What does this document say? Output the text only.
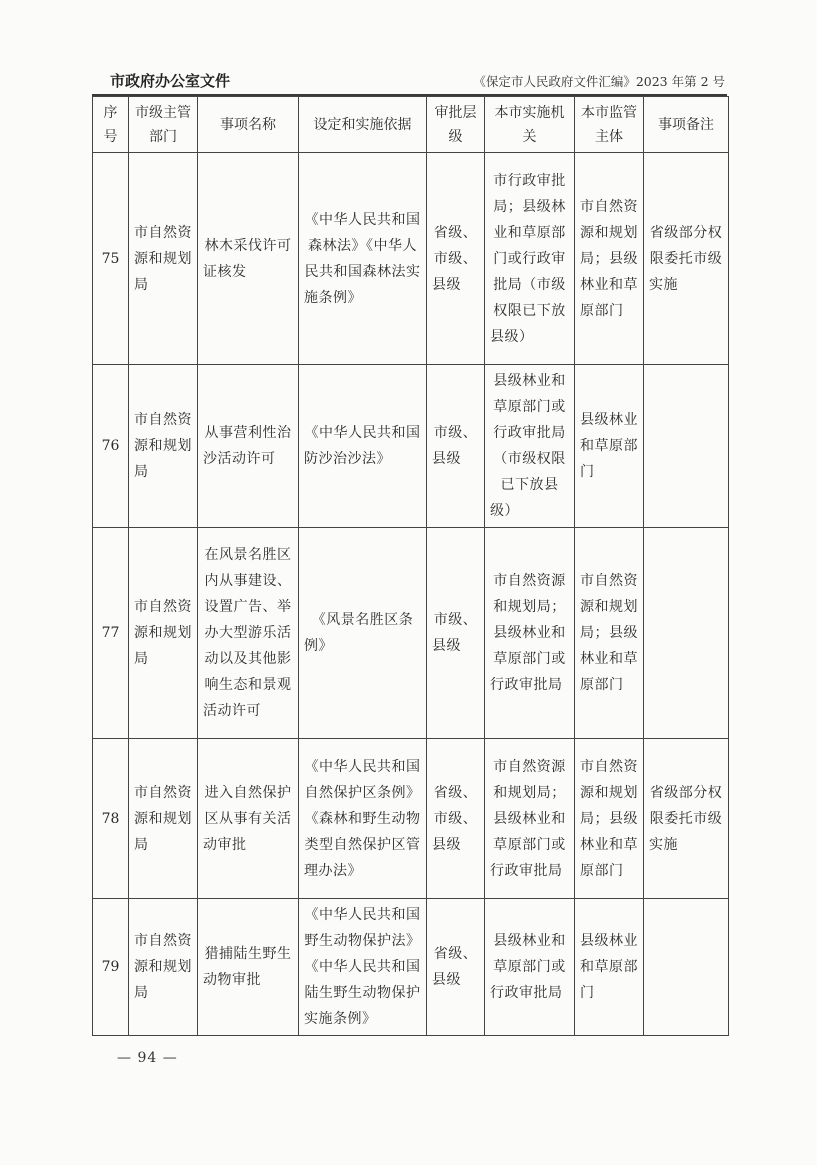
市政府办公室文件	《保定市人民政府文件汇编》2023 年第 2 号
序号	市级主管部门	事项名称	设定和实施依据	审批层级	本市实施机关	本市监管主体	事项备注
75	市自然资源和规划局	林木采伐许可证核发	《中华人民共和国森林法》《中华人民共和国森林法实施条例》	省级、市级、县级	市行政审批局；县级林业和草原部门或行政审批局（市级权限已下放县级）	市自然资源和规划局；县级林业和草原部门	省级部分权限委托市级实施
76	市自然资源和规划局	从事营利性治沙活动许可	《中华人民共和国防沙治沙法》	市级、县级	县级林业和草原部门或行政审批局（市级权限已下放县级）	县级林业和草原部门	
77	市自然资源和规划局	在风景名胜区内从事建设、设置广告、举办大型游乐活动以及其他影响生态和景观活动许可	《风景名胜区条例》	市级、县级	市自然资源和规划局；县级林业和草原部门或行政审批局	市自然资源和规划局；县级林业和草原部门	
78	市自然资源和规划局	进入自然保护区从事有关活动审批	《中华人民共和国自然保护区条例》《森林和野生动物类型自然保护区管理办法》	省级、市级、县级	市自然资源和规划局；县级林业和草原部门或行政审批局	市自然资源和规划局；县级林业和草原部门	省级部分权限委托市级实施
79	市自然资源和规划局	猎捕陆生野生动物审批	《中华人民共和国野生动物保护法》《中华人民共和国陆生野生动物保护实施条例》	省级、县级	县级林业和草原部门或行政审批局	县级林业和草原部门	
— 94 —
